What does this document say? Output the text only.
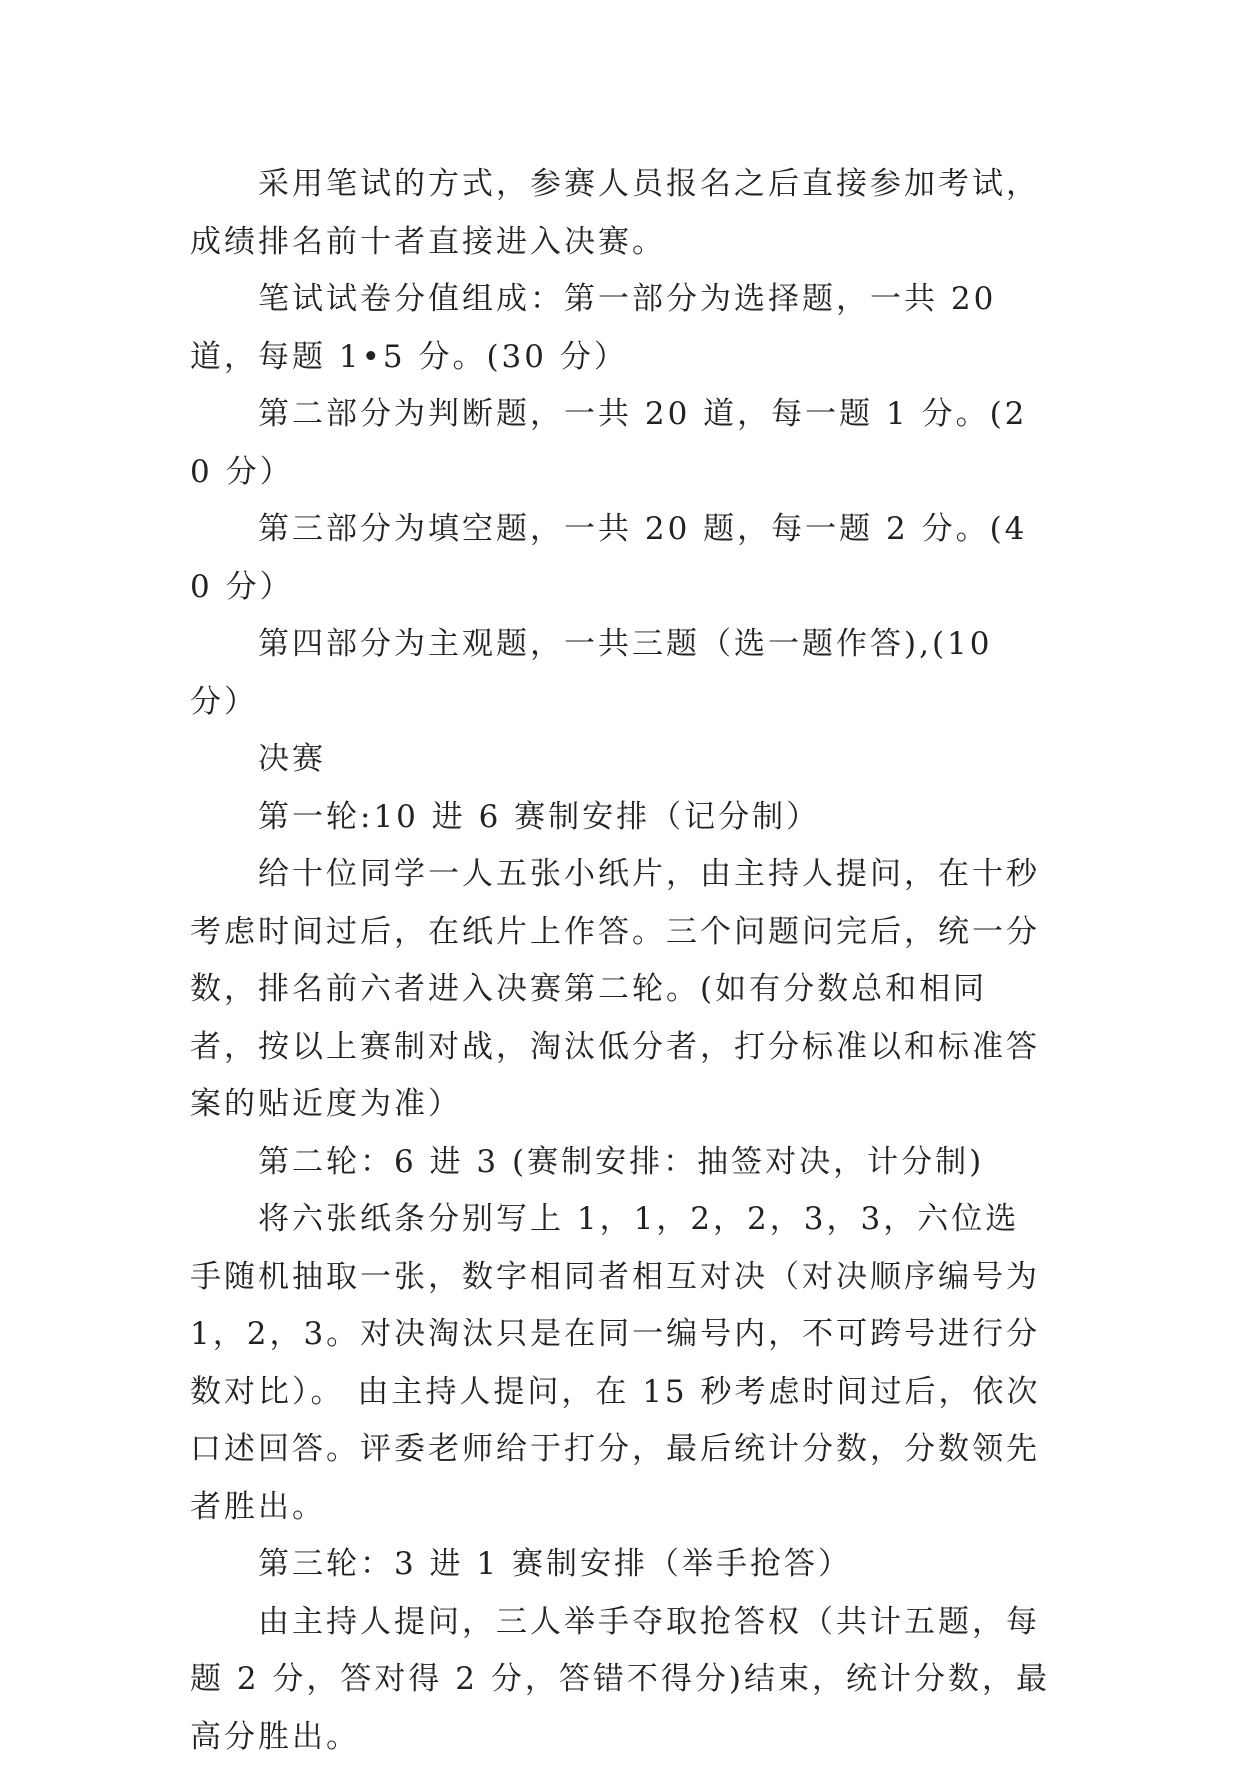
采用笔试的方式，参赛人员报名之后直接参加考试，成绩排名前十者直接进入决赛。

笔试试卷分值组成：第一部分为选择题，一共 20 道，每题 1•5 分。(30 分）

第二部分为判断题，一共 20 道，每一题 1 分。(20 分）

第三部分为填空题，一共 20 题，每一题 2 分。(40 分）

第四部分为主观题，一共三题（选一题作答),(10 分）

决赛

第一轮:10 进 6 赛制安排（记分制）

给十位同学一人五张小纸片，由主持人提问，在十秒考虑时间过后，在纸片上作答。三个问题问完后，统一分数，排名前六者进入决赛第二轮。(如有分数总和相同者，按以上赛制对战，淘汰低分者，打分标准以和标准答案的贴近度为准）

第二轮：6 进 3 (赛制安排：抽签对决，计分制)

将六张纸条分别写上 1，1，2，2，3，3，六位选手随机抽取一张，数字相同者相互对决（对决顺序编号为 1，2，3。对决淘汰只是在同一编号内，不可跨号进行分数对比）。 由主持人提问，在 15 秒考虑时间过后，依次口述回答。评委老师给于打分，最后统计分数，分数领先者胜出。

第三轮：3 进 1 赛制安排（举手抢答）

由主持人提问，三人举手夺取抢答权（共计五题，每题 2 分，答对得 2 分，答错不得分)结束，统计分数，最高分胜出。
